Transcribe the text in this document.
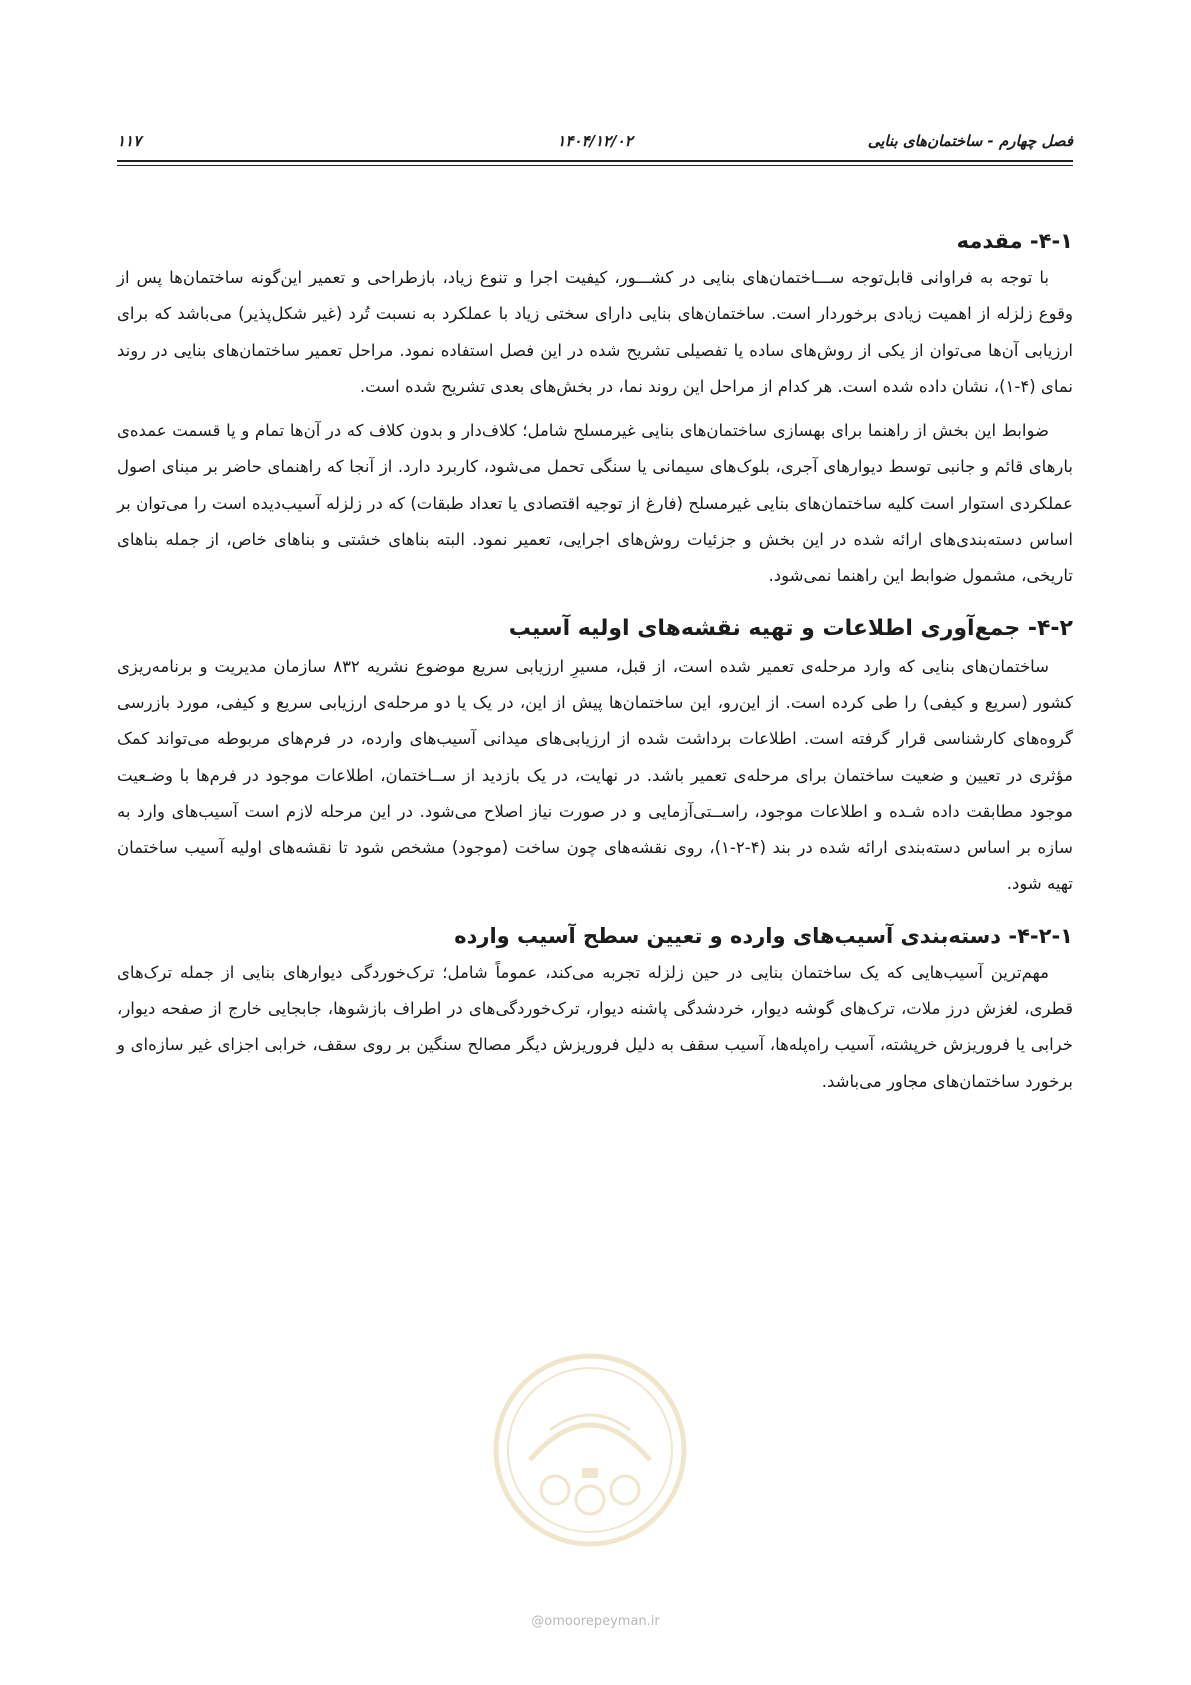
فصل چهارم - ساختمان‌های بنایی
۱۴۰۴/۱۲/۰۲
۱۱۷
۴-۱- مقدمه

با توجه به فراوانی قابل‌توجه ســـاختمان‌های بنایی در کشـــور، کیفیت اجرا و تنوع زیاد، بازطراحی و تعمیر این‌گونه ساختمان‌ها پس از وقوع زلزله از اهمیت زیادی برخوردار است. ساختمان‌های بنایی دارای سختی زیاد با عملکرد به نسبت تُرد (غیر شکل‌پذیر) می‌باشد که برای ارزیابی آن‌ها می‌توان از یکی از روش‌های ساده یا تفصیلی تشریح شده در این فصل استفاده نمود. مراحل تعمیر ساختمان‌های بنایی در روند نمای (۴-۱)، نشان داده شده است. هر کدام از مراحل این روند نما، در بخش‌های بعدی تشریح شده است.

ضوابط این بخش از راهنما برای بهسازی ساختمان‌های بنایی غیرمسلح شامل؛ کلاف‌دار و بدون کلاف که در آن‌ها تمام و یا قسمت عمده‌ی بارهای قائم و جانبی توسط دیوارهای آجری، بلوک‌های سیمانی یا سنگی تحمل می‌شود، کاربرد دارد. از آنجا که راهنمای حاضر بر مبنای اصول عملکردی استوار است کلیه ساختمان‌های بنایی غیرمسلح (فارغ از توجیه اقتصادی یا تعداد طبقات) که در زلزله آسیب‌دیده است را می‌توان بر اساس دسته‌بندی‌های ارائه شده در این بخش و جزئیات روش‌های اجرایی، تعمیر نمود. البته بناهای خشتی و بناهای خاص، از جمله بناهای تاریخی، مشمول ضوابط این راهنما نمی‌شود.

۴-۲- جمع‌آوری اطلاعات و تهیه نقشه‌های اولیه آسیب

ساختمان‌های بنایی که وارد مرحله‌ی تعمیر شده است، از قبل، مسیرِ ارزیابی سریع موضوع نشریه ۸۳۲ سازمان مدیریت و برنامه‌ریزی کشور (سریع و کیفی) را طی کرده است. از این‌رو، این ساختمان‌ها پیش از این، در یک یا دو مرحله‌ی ارزیابی سریع و کیفی، مورد بازرسی گروه‌های کارشناسی قرار گرفته است. اطلاعات برداشت شده از ارزیابی‌های میدانی آسیب‌های وارده، در فرم‌های مربوطه می‌تواند کمک مؤثری در تعیین و ضعیت ساختمان برای مرحله‌ی تعمیر باشد. در نهایت، در یک بازدید از ســاختمان، اطلاعات موجود در فرم‌ها با وضـعیت موجود مطابقت داده شـده و اطلاعات موجود، راســتی‌آزمایی و در صورت نیاز اصلاح می‌شود. در این مرحله لازم است آسیب‌های وارد به سازه بر اساس دسته‌بندی ارائه شده در بند (۴-۲-۱)، روی نقشه‌های چون ساخت (موجود) مشخص شود تا نقشه‌های اولیه آسیب ساختمان تهیه شود.

۴-۲-۱- دسته‌بندی آسیب‌های وارده و تعیین سطح آسیب وارده

مهم‌ترین آسیب‌هایی که یک ساختمان بنایی در حین زلزله تجربه می‌کند، عموماً شامل؛ ترک‌خوردگی دیوارهای بنایی از جمله ترک‌های قطری، لغزش درز ملات، ترک‌های گوشه دیوار، خردشدگی پاشنه دیوار، ترک‌خوردگی‌های در اطراف بازشوها، جابجایی خارج از صفحه دیوار، خرابی یا فروریزش خرپشته، آسیب راه‌پله‌ها، آسیب سقف به دلیل فروریزش دیگر مصالح سنگین بر روی سقف، خرابی اجزای غیر سازه‌ای و برخورد ساختمان‌های مجاور می‌باشد.

@omoorepeyman.ir
